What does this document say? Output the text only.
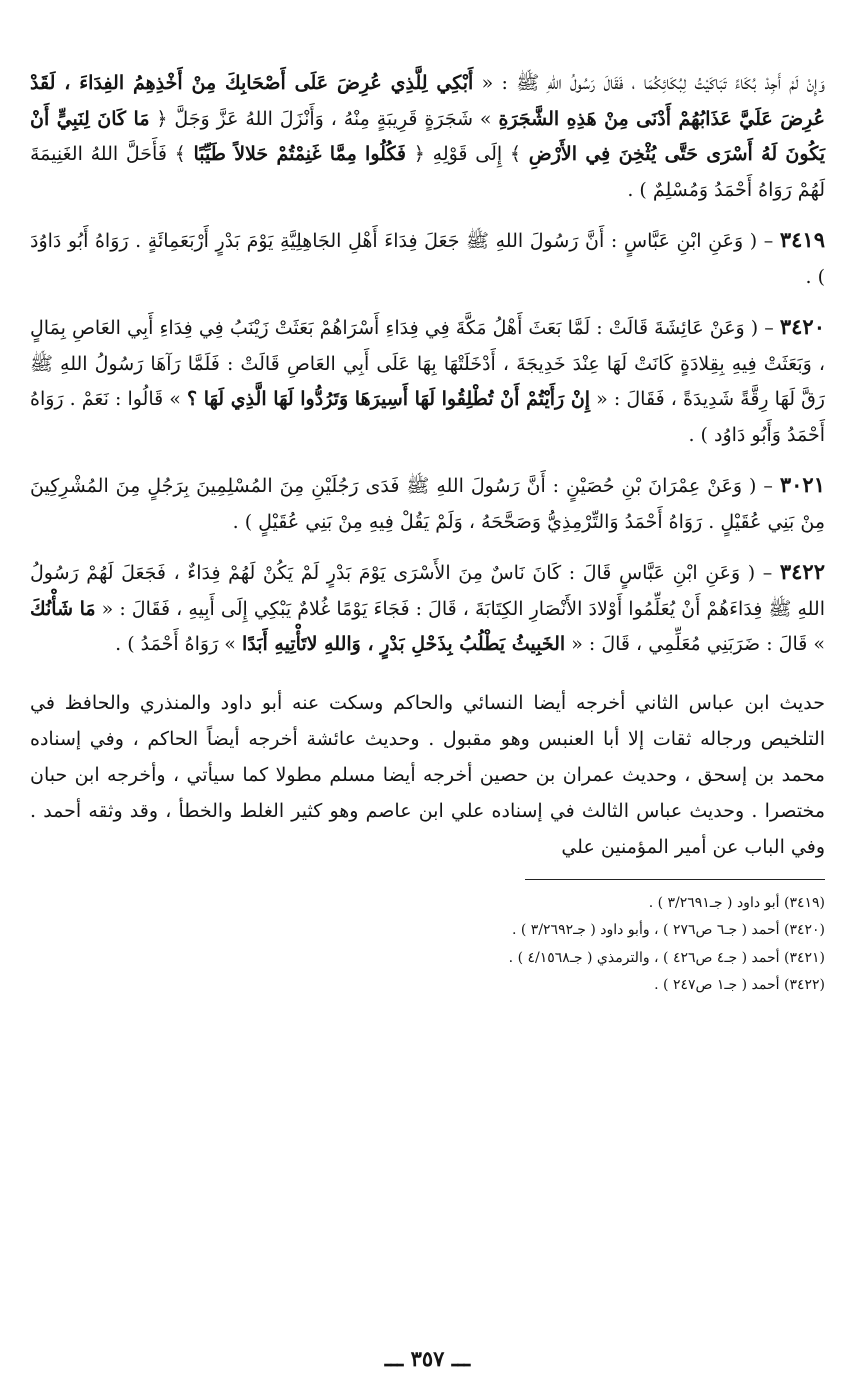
وَإِنْ لَمْ أَجِدْ بُكَاءً تَبَاكَيْتُ لِبُكَائِكُمَا ، فَقَالَ رَسُولُ اللهِ ﷺ : « أَبْكِي لِلَّذِي عُرِضَ عَلَى أَصْحَابِكَ مِنْ أَخْذِهِمُ الفِدَاءَ ، لَقَدْ عُرِضَ عَلَيَّ عَذَابُهُمْ أَدْنَى مِنْ هَذِهِ الشَّجَرَةِ » شَجَرَةٍ قَرِيبَةٍ مِنْهُ ، وَأَنْزَلَ اللهُ عَزَّ وَجَلَّ ﴿ مَا كَانَ لِنَبِيٍّ أَنْ يَكُونَ لَهُ أَسْرَى حَتَّى يُثْخِنَ فِي الأَرْضِ ﴾ إِلَى قَوْلِهِ ﴿ فَكُلُوا مِمَّا غَنِمْتُمْ حَلالاً طَيِّبًا ﴾ فَأَحَلَّ اللهُ الغَنِيمَةَ لَهُمْ رَوَاهُ أَحْمَدُ وَمُسْلِمٌ ) .

٣٤١٩ – ( وَعَنِ ابْنِ عَبَّاسٍ : أَنَّ رَسُولَ اللهِ ﷺ جَعَلَ فِدَاءَ أَهْلِ الجَاهِلِيَّةِ يَوْمَ بَدْرٍ أَرْبَعَمِائَةٍ . رَوَاهُ أَبُو دَاوُدَ ) .

٣٤٢٠ – ( وَعَنْ عَائِشَةَ قَالَتْ : لَمَّا بَعَثَ أَهْلُ مَكَّةَ فِي فِدَاءِ أَسْرَاهُمْ بَعَثَتْ زَيْنَبُ فِي فِدَاءِ أَبِي العَاصِ بِمَالٍ ، وَبَعَثَتْ فِيهِ بِقِلادَةٍ كَانَتْ لَهَا عِنْدَ خَدِيجَةَ ، أَدْخَلَتْهَا بِهَا عَلَى أَبِي العَاصِ قَالَتْ : فَلَمَّا رَآهَا رَسُولُ اللهِ ﷺ رَقَّ لَهَا رِقَّةً شَدِيدَةً ، فَقَالَ : « إِنْ رَأَيْتُمْ أَنْ تُطْلِقُوا لَهَا أَسِيرَهَا وَتَرُدُّوا لَهَا الَّذِي لَهَا ؟ » قَالُوا : نَعَمْ . رَوَاهُ أَحْمَدُ وَأَبُو دَاوُد ) .

٣٠٢١ – ( وَعَنْ عِمْرَانَ بْنِ حُصَيْنٍ : أَنَّ رَسُولَ اللهِ ﷺ فَدَى رَجُلَيْنِ مِنَ المُسْلِمِينَ بِرَجُلٍ مِنَ المُشْرِكِينَ مِنْ بَنِي عُقَيْلٍ . رَوَاهُ أَحْمَدُ وَالتِّرْمِذِيُّ وَصَحَّحَهُ ، وَلَمْ يَقُلْ فِيهِ مِنْ بَنِي عُقَيْلٍ ) .

٣٤٢٢ – ( وَعَنِ ابْنِ عَبَّاسٍ قَالَ : كَانَ نَاسٌ مِنَ الأَسْرَى يَوْمَ بَدْرٍ لَمْ يَكُنْ لَهُمْ فِدَاءٌ ، فَجَعَلَ لَهُمْ رَسُولُ اللهِ ﷺ فِدَاءَهُمْ أَنْ يُعَلِّمُوا أَوْلادَ الأَنْصَارِ الكِتَابَةَ ، قَالَ : فَجَاءَ يَوْمًا غُلامٌ يَبْكِي إِلَى أَبِيهِ ، فَقَالَ : « مَا شَأْنُكَ » قَالَ : ضَرَبَنِي مُعَلِّمِي ، قَالَ : « الخَبِيثُ يَطْلُبُ بِذَحْلِ بَدْرٍ ، وَاللهِ لاتَأْتِيهِ أَبَدًا » رَوَاهُ أَحْمَدُ ) .

حديث ابن عباس الثاني أخرجه أيضا النسائي والحاكم وسكت عنه أبو داود والمنذري والحافظ في التلخيص ورجاله ثقات إلا أبا العنبس وهو مقبول . وحديث عائشة أخرجه أيضاً الحاكم ، وفي إسناده محمد بن إسحق ، وحديث عمران بن حصين أخرجه أيضا مسلم مطولا كما سيأتي ، وأخرجه ابن حبان مختصرا . وحديث عباس الثالث في إسناده علي ابن عاصم وهو كثير الغلط والخطأ ، وقد وثقه أحمد . وفي الباب عن أمير المؤمنين علي

(٣٤١٩) أبو داود ( جـ٣/٢٦٩١ ) .

(٣٤٢٠) أحمد ( جـ٦ ص٢٧٦ ) ، وأبو داود ( جـ٣/٢٦٩٢ ) .

(٣٤٢١) أحمد ( جـ٤ ص٤٢٦ ) ، والترمذي ( جـ٤/١٥٦٨ ) .

(٣٤٢٢) أحمد ( جـ١ ص٢٤٧ ) .

ـــ ٣٥٧ ـــ
